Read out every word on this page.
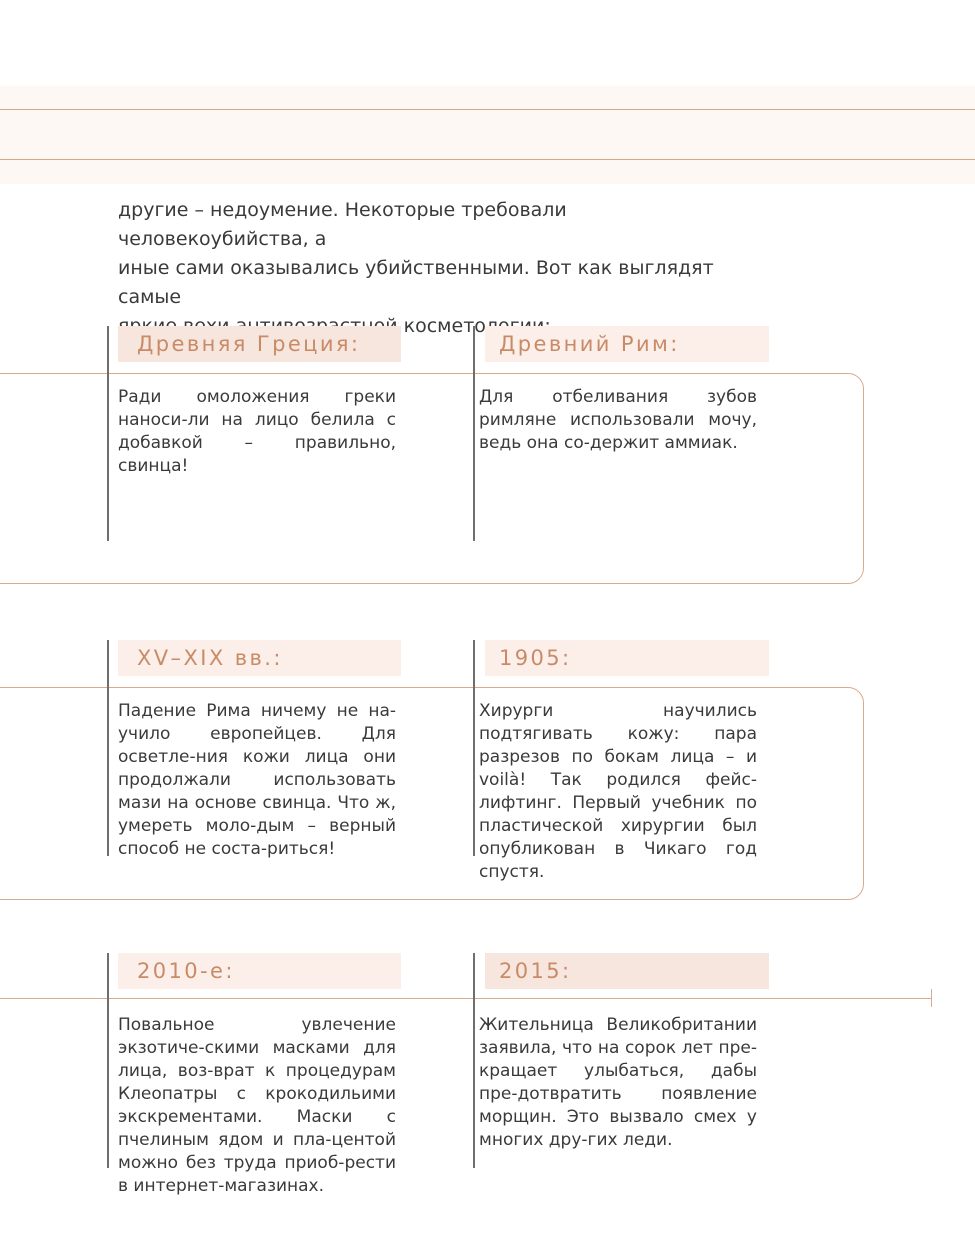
другие – недоумение. Некоторые требовали человекоубийства, а
иные сами оказывались убийственными. Вот как выглядят самые
косметологии:

Древняя Греция:	Древний Рим:

Ради омоложения греки наноси-ли на лицо белила с добавкой – правильно, свинца!

Для отбеливания зубов римляне использовали мочу, ведь она со-держит аммиак.

XV–XIX вв.:	1905:

Падение Рима ничему не на-учило европейцев. Для осветле-ния кожи лица они продолжали использовать мази на основе свинца. Что ж, умереть моло-дым – верный способ не соста-риться!

Хирурги научились подтягивать кожу: пара разрезов по бокам лица – и voilà! Так родился фейс-лифтинг. Первый учебник по пластической хирургии был опубликован в Чикаго год спустя.

2010-е:	2015:

Повальное увлечение экзотиче-скими масками для лица, воз-врат к процедурам Клеопатры с крокодильими экскрементами. Маски с пчелиным ядом и пла-центой можно без труда приоб-рести в интернет-магазинах.

Жительница Великобритании заявила, что на сорок лет пре-кращает улыбаться, дабы пре-дотвратить появление морщин. Это вызвало смех у многих дру-гих леди.
